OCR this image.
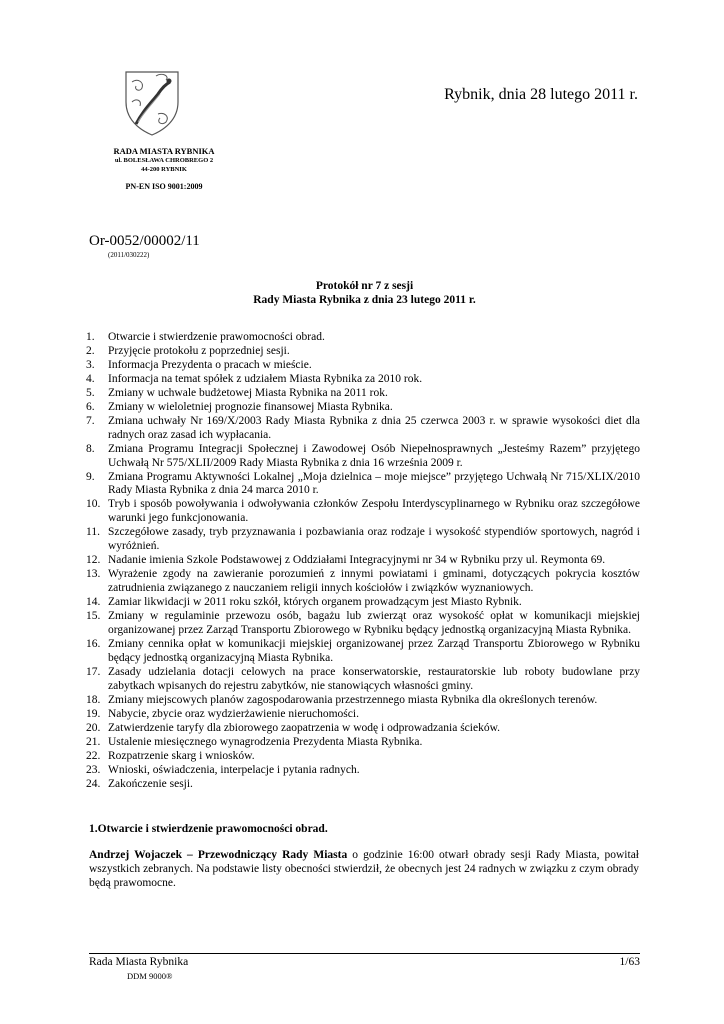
RADA MIASTA RYBNIKA
ul. BOLESŁAWA CHROBREGO 2
44-200 RYBNIK
PN-EN ISO 9001:2009
Rybnik, dnia 28 lutego 2011 r.
Or-0052/00002/11
(2011/030222)
Protokół nr 7 z sesji
Rady Miasta Rybnika z dnia 23 lutego 2011 r.
1. Otwarcie i stwierdzenie prawomocności obrad.
2. Przyjęcie protokołu z poprzedniej sesji.
3. Informacja Prezydenta o pracach w mieście.
4. Informacja na temat spółek z udziałem Miasta Rybnika za 2010 rok.
5. Zmiany w uchwale budżetowej Miasta Rybnika na 2011 rok.
6. Zmiany w wieloletniej prognozie finansowej Miasta Rybnika.
7. Zmiana uchwały Nr 169/X/2003 Rady Miasta Rybnika z dnia 25 czerwca 2003 r. w sprawie wysokości diet dla radnych oraz zasad ich wypłacania.
8. Zmiana Programu Integracji Społecznej i Zawodowej Osób Niepełnosprawnych „Jesteśmy Razem” przyjętego Uchwałą Nr 575/XLII/2009 Rady Miasta Rybnika z dnia 16 września 2009 r.
9. Zmiana Programu Aktywności Lokalnej „Moja dzielnica – moje miejsce” przyjętego Uchwałą Nr 715/XLIX/2010 Rady Miasta Rybnika z dnia 24 marca 2010 r.
10. Tryb i sposób powoływania i odwoływania członków Zespołu Interdyscyplinarnego w Rybniku oraz szczegółowe warunki jego funkcjonowania.
11. Szczegółowe zasady, tryb przyznawania i pozbawiania oraz rodzaje i wysokość stypendiów sportowych, nagród i wyróżnień.
12. Nadanie imienia Szkole Podstawowej z Oddziałami Integracyjnymi nr 34 w Rybniku przy ul. Reymonta 69.
13. Wyrażenie zgody na zawieranie porozumień z innymi powiatami i gminami, dotyczących pokrycia kosztów zatrudnienia związanego z nauczaniem religii innych kościołów i związków wyznaniowych.
14. Zamiar likwidacji w 2011 roku szkół, których organem prowadzącym jest Miasto Rybnik.
15. Zmiany w regulaminie przewozu osób, bagażu lub zwierząt oraz wysokość opłat w komunikacji miejskiej organizowanej przez Zarząd Transportu Zbiorowego w Rybniku będący jednostką organizacyjną Miasta Rybnika.
16. Zmiany cennika opłat w komunikacji miejskiej organizowanej przez Zarząd Transportu Zbiorowego w Rybniku będący jednostką organizacyjną Miasta Rybnika.
17. Zasady udzielania dotacji celowych na prace konserwatorskie, restauratorskie lub roboty budowlane przy zabytkach wpisanych do rejestru zabytków, nie stanowiących własności gminy.
18. Zmiany miejscowych planów zagospodarowania przestrzennego miasta Rybnika dla określonych terenów.
19. Nabycie, zbycie oraz wydzierżawienie nieruchomości.
20. Zatwierdzenie taryfy dla zbiorowego zaopatrzenia w wodę i odprowadzania ścieków.
21. Ustalenie miesięcznego wynagrodzenia Prezydenta Miasta Rybnika.
22. Rozpatrzenie skarg i wniosków.
23. Wnioski, oświadczenia, interpelacje i pytania radnych.
24. Zakończenie sesji.
1.Otwarcie i stwierdzenie prawomocności obrad.
Andrzej Wojaczek – Przewodniczący Rady Miasta o godzinie 16:00 otwarł obrady sesji Rady Miasta, powitał wszystkich zebranych. Na podstawie listy obecności stwierdził, że obecnych jest 24 radnych w związku z czym obrady będą prawomocne.
Rada Miasta Rybnika	1/63
DDM 9000®
